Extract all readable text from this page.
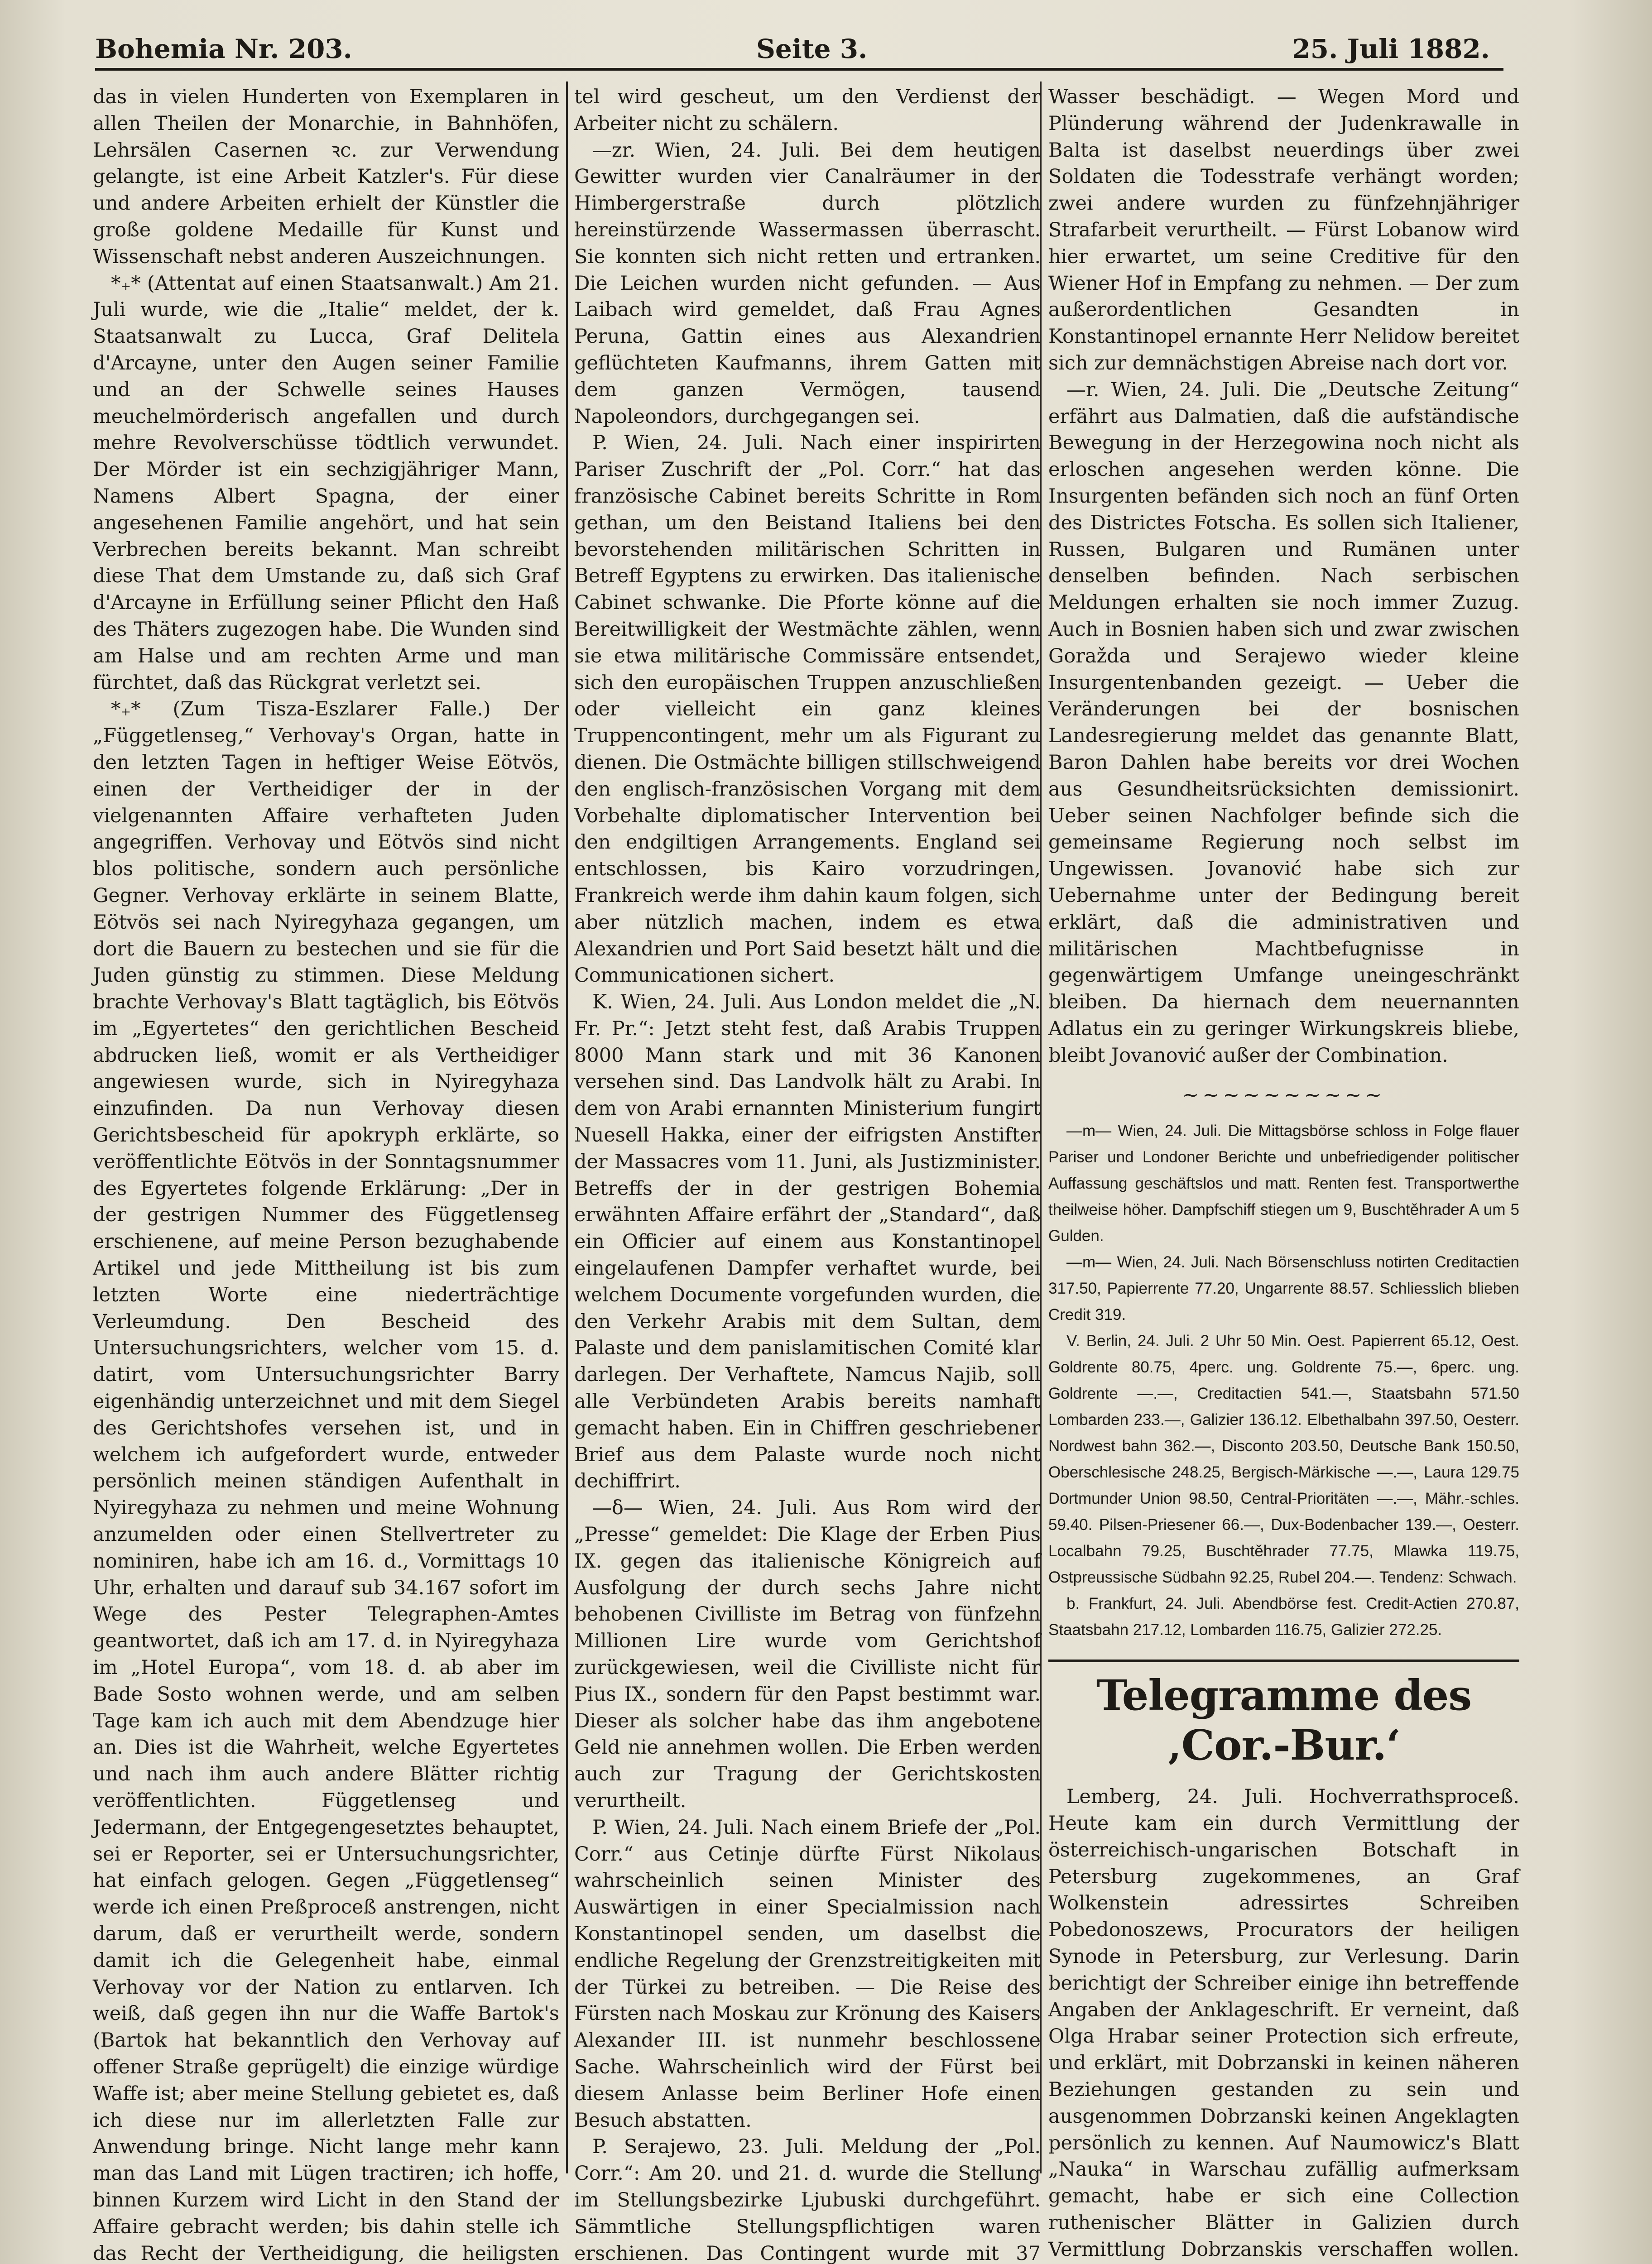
Bohemia Nr. 203.	Seite 3.	25. Juli 1882.

das in vielen Hunderten von Exemplaren in allen Theilen der Monarchie, in Bahnhöfen, Lehrsälen Casernen ꝛc. zur Verwendung gelangte, ist eine Arbeit Katzler's. Für diese und andere Arbeiten erhielt der Künstler die große goldene Medaille für Kunst und Wissenschaft nebst anderen Auszeichnungen.

*₊* (Attentat auf einen Staatsanwalt.) Am 21. Juli wurde, wie die „Italie“ meldet, der k. Staatsanwalt zu Lucca, Graf Delitela d'Arcayne, unter den Augen seiner Familie und an der Schwelle seines Hauses meuchelmörderisch angefallen und durch mehre Revolverschüsse tödtlich verwundet. Der Mörder ist ein sechzigjähriger Mann, Namens Albert Spagna, der einer angesehenen Familie angehört, und hat sein Verbrechen bereits bekannt. Man schreibt diese That dem Umstande zu, daß sich Graf d'Arcayne in Erfüllung seiner Pflicht den Haß des Thäters zugezogen habe. Die Wunden sind am Halse und am rechten Arme und man fürchtet, daß das Rückgrat verletzt sei.

*₊* (Zum Tisza-Eszlarer Falle.) Der „Függetlenseg,“ Verhovay's Organ, hatte in den letzten Tagen in heftiger Weise Eötvös, einen der Vertheidiger der in der vielgenannten Affaire verhafteten Juden angegriffen. Verhovay und Eötvös sind nicht blos politische, sondern auch persönliche Gegner. Verhovay erklärte in seinem Blatte, Eötvös sei nach Nyiregyhaza gegangen, um dort die Bauern zu bestechen und sie für die Juden günstig zu stimmen. Diese Meldung brachte Verhovay's Blatt tagtäglich, bis Eötvös im „Egyertetes“ den gerichtlichen Bescheid abdrucken ließ, womit er als Vertheidiger angewiesen wurde, sich in Nyiregyhaza einzufinden. Da nun Verhovay diesen Gerichtsbescheid für apokryph erklärte, so veröffentlichte Eötvös in der Sonntagsnummer des Egyertetes folgende Erklärung: „Der in der gestrigen Nummer des Függetlenseg erschienene, auf meine Person bezughabende Artikel und jede Mittheilung ist bis zum letzten Worte eine niederträchtige Verleumdung. Den Bescheid des Untersuchungsrichters, welcher vom 15. d. datirt, vom Untersuchungsrichter Barry eigenhändig unterzeichnet und mit dem Siegel des Gerichtshofes versehen ist, und in welchem ich aufgefordert wurde, entweder persönlich meinen ständigen Aufenthalt in Nyiregyhaza zu nehmen und meine Wohnung anzumelden oder einen Stellvertreter zu nominiren, habe ich am 16. d., Vormittags 10 Uhr, erhalten und darauf sub 34.167 sofort im Wege des Pester Telegraphen-Amtes geantwortet, daß ich am 17. d. in Nyiregyhaza im „Hotel Europa“, vom 18. d. ab aber im Bade Sosto wohnen werde, und am selben Tage kam ich auch mit dem Abendzuge hier an. Dies ist die Wahrheit, welche Egyertetes und nach ihm auch andere Blätter richtig veröffentlichten. Függetlenseg und Jedermann, der Entgegengesetztes behauptet, sei er Reporter, sei er Untersuchungsrichter, hat einfach gelogen. Gegen „Függetlenseg“ werde ich einen Preßproceß anstrengen, nicht darum, daß er verurtheilt werde, sondern damit ich die Gelegenheit habe, einmal Verhovay vor der Nation zu entlarven. Ich weiß, daß gegen ihn nur die Waffe Bartok's (Bartok hat bekanntlich den Verhovay auf offener Straße geprügelt) die einzige würdige Waffe ist; aber meine Stellung gebietet es, daß ich diese nur im allerletzten Falle zur Anwendung bringe. Nicht lange mehr kann man das Land mit Lügen tractiren; ich hoffe, binnen Kurzem wird Licht in den Stand der Affaire gebracht werden; bis dahin stelle ich das Recht der Vertheidigung, die heiligsten

tel wird gescheut, um den Verdienst der Arbeiter nicht zu schälern.

—zr. Wien, 24. Juli. Bei dem heutigen Gewitter wurden vier Canalräumer in der Himbergerstraße durch plötzlich hereinstürzende Wassermassen überrascht. Sie konnten sich nicht retten und ertranken. Die Leichen wurden nicht gefunden. — Aus Laibach wird gemeldet, daß Frau Agnes Peruna, Gattin eines aus Alexandrien geflüchteten Kaufmanns, ihrem Gatten mit dem ganzen Vermögen, tausend Napoleondors, durchgegangen sei.

P. Wien, 24. Juli. Nach einer inspirirten Pariser Zuschrift der „Pol. Corr.“ hat das französische Cabinet bereits Schritte in Rom gethan, um den Beistand Italiens bei den bevorstehenden militärischen Schritten in Betreff Egyptens zu erwirken. Das italienische Cabinet schwanke. Die Pforte könne auf die Bereitwilligkeit der Westmächte zählen, wenn sie etwa militärische Commissäre entsendet, sich den europäischen Truppen anzuschließen oder vielleicht ein ganz kleines Truppencontingent, mehr um als Figurant zu dienen. Die Ostmächte billigen stillschweigend den englisch-französischen Vorgang mit dem Vorbehalte diplomatischer Intervention bei den endgiltigen Arrangements. England sei entschlossen, bis Kairo vorzudringen, Frankreich werde ihm dahin kaum folgen, sich aber nützlich machen, indem es etwa Alexandrien und Port Said besetzt hält und die Communicationen sichert.

K. Wien, 24. Juli. Aus London meldet die „N. Fr. Pr.“: Jetzt steht fest, daß Arabis Truppen 8000 Mann stark und mit 36 Kanonen versehen sind. Das Landvolk hält zu Arabi. In dem von Arabi ernannten Ministerium fungirt Nuesell Hakka, einer der eifrigsten Anstifter der Massacres vom 11. Juni, als Justizminister. Betreffs der in der gestrigen Bohemia erwähnten Affaire erfährt der „Standard“, daß ein Officier auf einem aus Konstantinopel eingelaufenen Dampfer verhaftet wurde, bei welchem Documente vorgefunden wurden, die den Verkehr Arabis mit dem Sultan, dem Palaste und dem panislamitischen Comité klar darlegen. Der Verhaftete, Namcus Najib, soll alle Verbündeten Arabis bereits namhaft gemacht haben. Ein in Chiffren geschriebener Brief aus dem Palaste wurde noch nicht dechiffrirt.

—δ— Wien, 24. Juli. Aus Rom wird der „Presse“ gemeldet: Die Klage der Erben Pius IX. gegen das italienische Königreich auf Ausfolgung der durch sechs Jahre nicht behobenen Civilliste im Betrag von fünfzehn Millionen Lire wurde vom Gerichtshof zurückgewiesen, weil die Civilliste nicht für Pius IX., sondern für den Papst bestimmt war. Dieser als solcher habe das ihm angebotene Geld nie annehmen wollen. Die Erben werden auch zur Tragung der Gerichtskosten verurtheilt.

P. Wien, 24. Juli. Nach einem Briefe der „Pol. Corr.“ aus Cetinje dürfte Fürst Nikolaus wahrscheinlich seinen Minister des Auswärtigen in einer Specialmission nach Konstantinopel senden, um daselbst die endliche Regelung der Grenzstreitigkeiten mit der Türkei zu betreiben. — Die Reise des Fürsten nach Moskau zur Krönung des Kaisers Alexander III. ist nunmehr beschlossene Sache. Wahrscheinlich wird der Fürst bei diesem Anlasse beim Berliner Hofe einen Besuch abstatten.

P. Serajewo, 23. Juli. Meldung der „Pol. Corr.“: Am 20. und 21. d. wurde die Stellung im Stellungsbezirke Ljubuski durchgeführt. Sämmtliche Stellungspflichtigen waren erschienen. Das Contingent wurde mit 37

Wasser beschädigt. — Wegen Mord und Plünderung während der Judenkrawalle in Balta ist daselbst neuerdings über zwei Soldaten die Todesstrafe verhängt worden; zwei andere wurden zu fünfzehnjähriger Strafarbeit verurtheilt. — Fürst Lobanow wird hier erwartet, um seine Creditive für den Wiener Hof in Empfang zu nehmen. — Der zum außerordentlichen Gesandten in Konstantinopel ernannte Herr Nelidow bereitet sich zur demnächstigen Abreise nach dort vor.

—r. Wien, 24. Juli. Die „Deutsche Zeitung“ erfährt aus Dalmatien, daß die aufständische Bewegung in der Herzegowina noch nicht als erloschen angesehen werden könne. Die Insurgenten befänden sich noch an fünf Orten des Districtes Fotscha. Es sollen sich Italiener, Russen, Bulgaren und Rumänen unter denselben befinden. Nach serbischen Meldungen erhalten sie noch immer Zuzug. Auch in Bosnien haben sich und zwar zwischen Goražda und Serajewo wieder kleine Insurgentenbanden gezeigt. — Ueber die Veränderungen bei der bosnischen Landesregierung meldet das genannte Blatt, Baron Dahlen habe bereits vor drei Wochen aus Gesundheitsrücksichten demissionirt. Ueber seinen Nachfolger befinde sich die gemeinsame Regierung noch selbst im Ungewissen. Jovanović habe sich zur Uebernahme unter der Bedingung bereit erklärt, daß die administrativen und militärischen Machtbefugnisse in gegenwärtigem Umfange uneingeschränkt bleiben. Da hiernach dem neuernannten Adlatus ein zu geringer Wirkungskreis bliebe, bleibt Jovanović außer der Combination.

~~~~~~~~~~

—m— Wien, 24. Juli. Die Mittagsbörse schloss in Folge flauer Pariser und Londoner Berichte und unbefriedigender politischer Auffassung geschäftslos und matt. Renten fest. Transportwerthe theilweise höher. Dampfschiff stiegen um 9, Buschtěhrader A um 5 Gulden.

—m— Wien, 24. Juli. Nach Börsenschluss notirten Creditactien 317.50, Papierrente 77.20, Ungarrente 88.57. Schliesslich blieben Credit 319.

V. Berlin, 24. Juli. 2 Uhr 50 Min. Oest. Papierrent 65.12, Oest. Goldrente 80.75, 4perc. ung. Goldrente 75.—, 6perc. ung. Goldrente —.—, Creditactien 541.—, Staatsbahn 571.50 Lombarden 233.—, Galizier 136.12. Elbethalbahn 397.50, Oesterr. Nordwest bahn 362.—, Disconto 203.50, Deutsche Bank 150.50, Oberschlesische 248.25, Bergisch-Märkische —.—, Laura 129.75 Dortmunder Union 98.50, Central-Prioritäten —.—, Mähr.-schles. 59.40. Pilsen-Priesener 66.—, Dux-Bodenbacher 139.—, Oesterr. Localbahn 79.25, Buschtěhrader 77.75, Mlawka 119.75, Ostpreussische Südbahn 92.25, Rubel 204.—. Tendenz: Schwach.

b. Frankfurt, 24. Juli. Abendbörse fest. Credit-Actien 270.87, Staatsbahn 217.12, Lombarden 116.75, Galizier 272.25.

Telegramme des ‚Cor.-Bur.‘

Lemberg, 24. Juli. Hochverrathsproceß. Heute kam ein durch Vermittlung der österreichisch-ungarischen Botschaft in Petersburg zugekommenes, an Graf Wolkenstein adressirtes Schreiben Pobedonoszews, Procurators der heiligen Synode in Petersburg, zur Verlesung. Darin berichtigt der Schreiber einige ihn betreffende Angaben der Anklageschrift. Er verneint, daß Olga Hrabar seiner Protection sich erfreute, und erklärt, mit Dobrzanski in keinen näheren Beziehungen gestanden zu sein und ausgenommen Dobrzanski keinen Angeklagten persönlich zu kennen. Auf Naumowicz's Blatt „Nauka“ in Warschau zufällig aufmerksam gemacht, habe er sich eine Collection ruthenischer Blätter in Galizien durch Vermittlung Dobrzanskis verschaffen wollen.
